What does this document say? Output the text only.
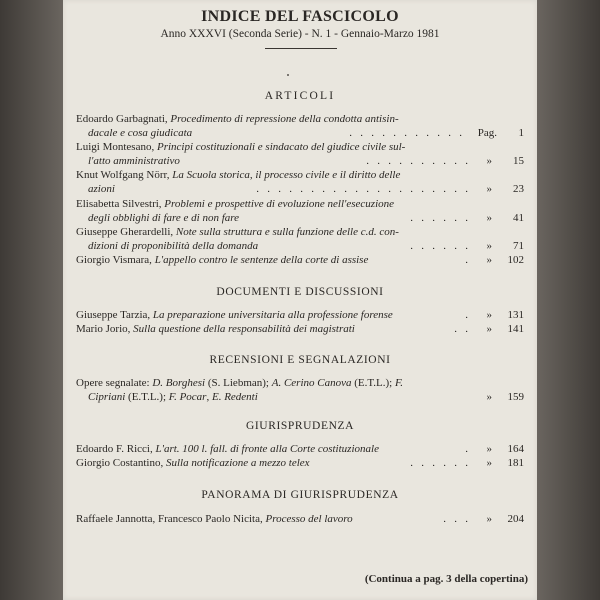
INDICE DEL FASCICOLO
Anno XXXVI (Seconda Serie) - N. 1 - Gennaio-Marzo 1981
ARTICOLI
Edoardo Garbagnati, Procedimento di repressione della condotta antisin-
dacale e cosa giudicata	.   .   .   .   .   .   .   .   .   .   . Pag.	1
Luigi Montesano, Principi costituzionali e sindacato del giudice civile sul-
l'atto amministrativo	.   .   .   .   .   .   .   .   .   . »	15
Knut Wolfgang Nörr, La Scuola storica, il processo civile e il diritto delle
azioni	.   .   .   .   .   .   .   .   .   .   .   .   .   .   .   .   .   .   .   . »	23
Elisabetta Silvestri, Problemi e prospettive di evoluzione nell'esecuzione
degli obblighi di fare e di non fare	.   .   .   .   .   . »	41
Giuseppe Gherardelli, Note sulla struttura e sulla funzione delle c.d. con-
dizioni di proponibilità della domanda	.   .   .   .   .   . »	71
Giorgio Vismara, L'appello contro le sentenze della corte di assise	. »	102
DOCUMENTI E DISCUSSIONI
Giuseppe Tarzia, La preparazione universitaria alla professione forense	. »	131
Mario Jorio, Sulla questione della responsabilità dei magistrati	.   . »	141
RECENSIONI E SEGNALAZIONI
Opere segnalate: D. Borghesi (S. Liebman); A. Cerino Canova (E.T.L.); F.
Cipriani (E.T.L.); F. Pocar, E. Redenti	»	159
GIURISPRUDENZA
Edoardo F. Ricci, L'art. 100 l. fall. di fronte alla Corte costituzionale	. »	164
Giorgio Costantino, Sulla notificazione a mezzo telex	.   .   .   .   .   . »	181
PANORAMA DI GIURISPRUDENZA
Raffaele Jannotta, Francesco Paolo Nicita, Processo del lavoro	.   .   . »	204
(Continua a pag. 3 della copertina)
